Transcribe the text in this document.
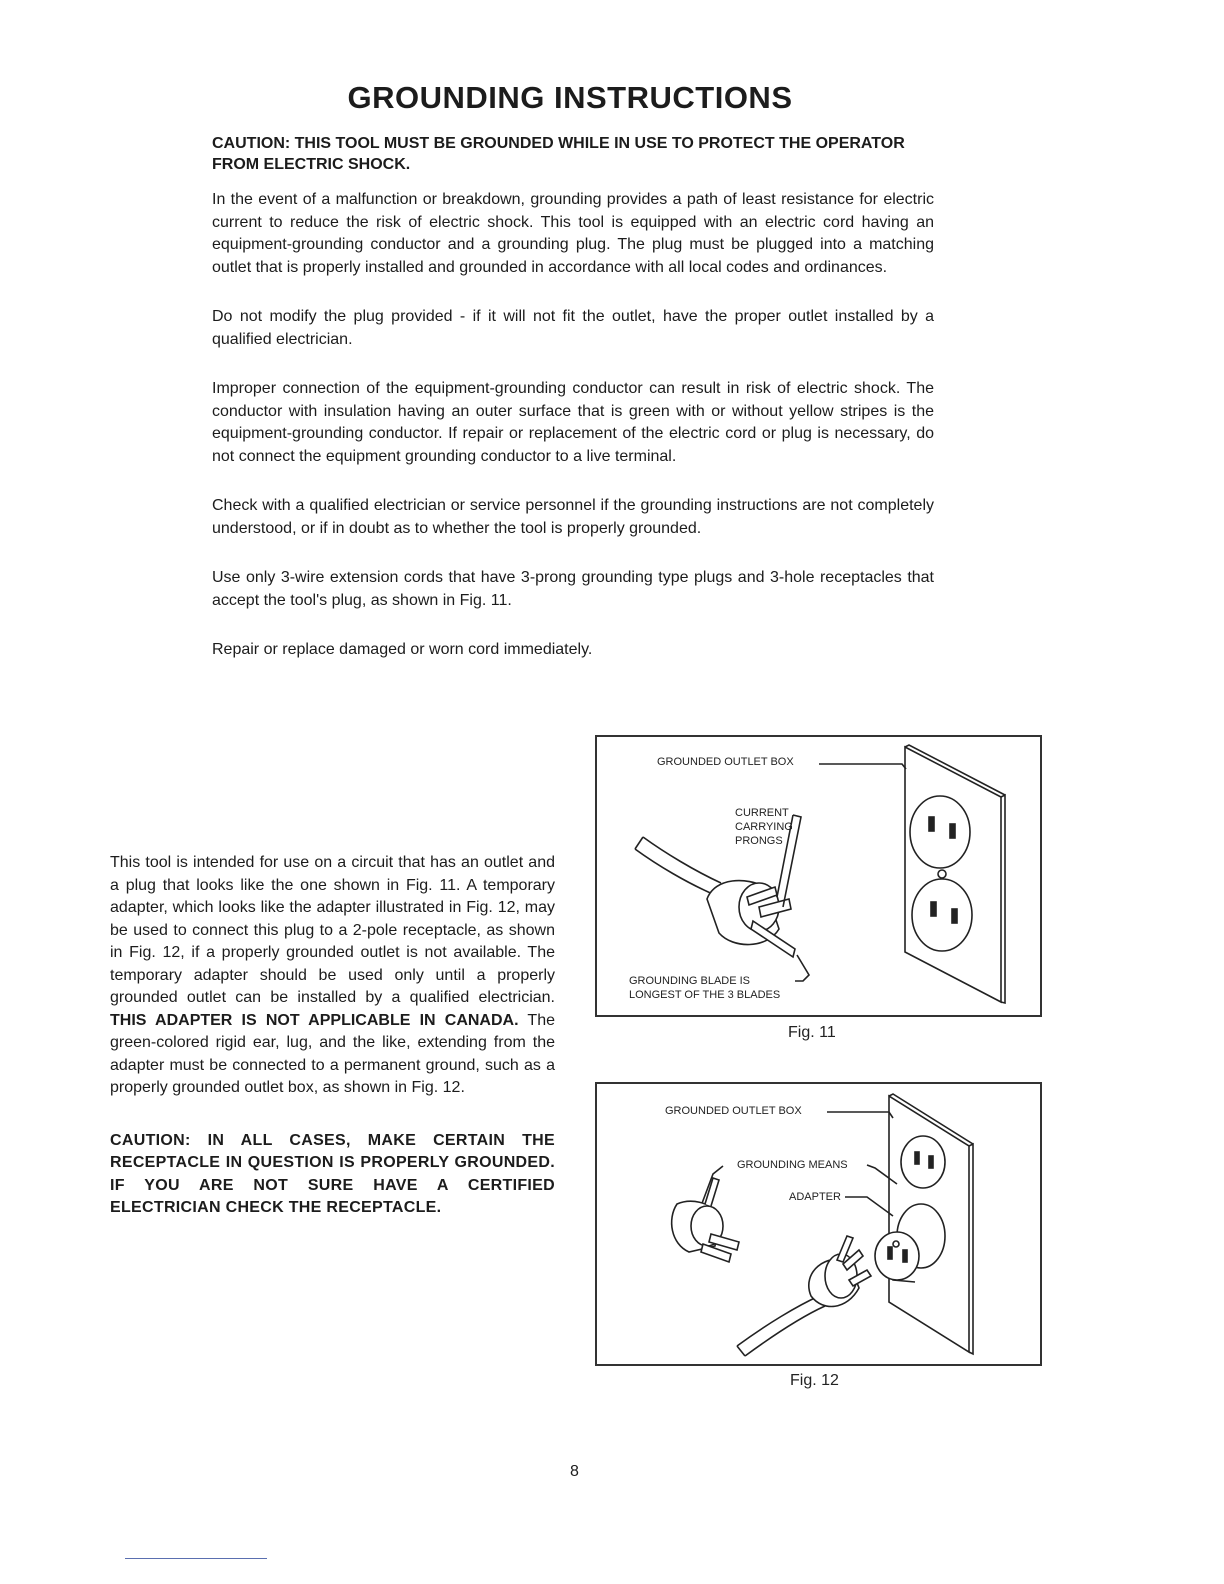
GROUNDING INSTRUCTIONS

CAUTION: THIS TOOL MUST BE GROUNDED WHILE IN USE TO PROTECT THE OPERATOR FROM ELECTRIC SHOCK.

In the event of a malfunction or breakdown, grounding provides a path of least resistance for electric current to reduce the risk of electric shock. This tool is equipped with an electric cord having an equipment-grounding conductor and a grounding plug. The plug must be plugged into a matching outlet that is properly installed and grounded in accordance with all local codes and ordinances.

Do not modify the plug provided - if it will not fit the outlet, have the proper outlet installed by a qualified electrician.

Improper connection of the equipment-grounding conductor can result in risk of electric shock. The conductor with insulation having an outer surface that is green with or without yellow stripes is the equipment-grounding conductor. If repair or replacement of the electric cord or plug is necessary, do not connect the equipment grounding conductor to a live terminal.

Check with a qualified electrician or service personnel if the grounding instructions are not completely understood, or if in doubt as to whether the tool is properly grounded.

Use only 3-wire extension cords that have 3-prong grounding type plugs and 3-hole receptacles that accept the tool's plug, as shown in Fig. 11.

Repair or replace damaged or worn cord immediately.

This tool is intended for use on a circuit that has an outlet and a plug that looks like the one shown in Fig. 11. A temporary adapter, which looks like the adapter illustrated in Fig. 12, may be used to connect this plug to a 2-pole receptacle, as shown in Fig. 12, if a properly grounded outlet is not available. The temporary adapter should be used only until a properly grounded outlet can be installed by a qualified electrician. THIS ADAPTER IS NOT APPLICABLE IN CANADA. The green-colored rigid ear, lug, and the like, extending from the adapter must be connected to a permanent ground, such as a properly grounded outlet box, as shown in Fig. 12.

CAUTION: IN ALL CASES, MAKE CERTAIN THE RECEPTACLE IN QUESTION IS PROPERLY GROUNDED. IF YOU ARE NOT SURE HAVE A CERTIFIED ELECTRICIAN CHECK THE RECEPTACLE.

GROUNDED OUTLET BOX
CURRENT
CARRYING
PRONGS
GROUNDING BLADE IS
LONGEST OF THE 3 BLADES
Fig. 11
GROUNDED OUTLET BOX
GROUNDING MEANS
ADAPTER
Fig. 12
8
